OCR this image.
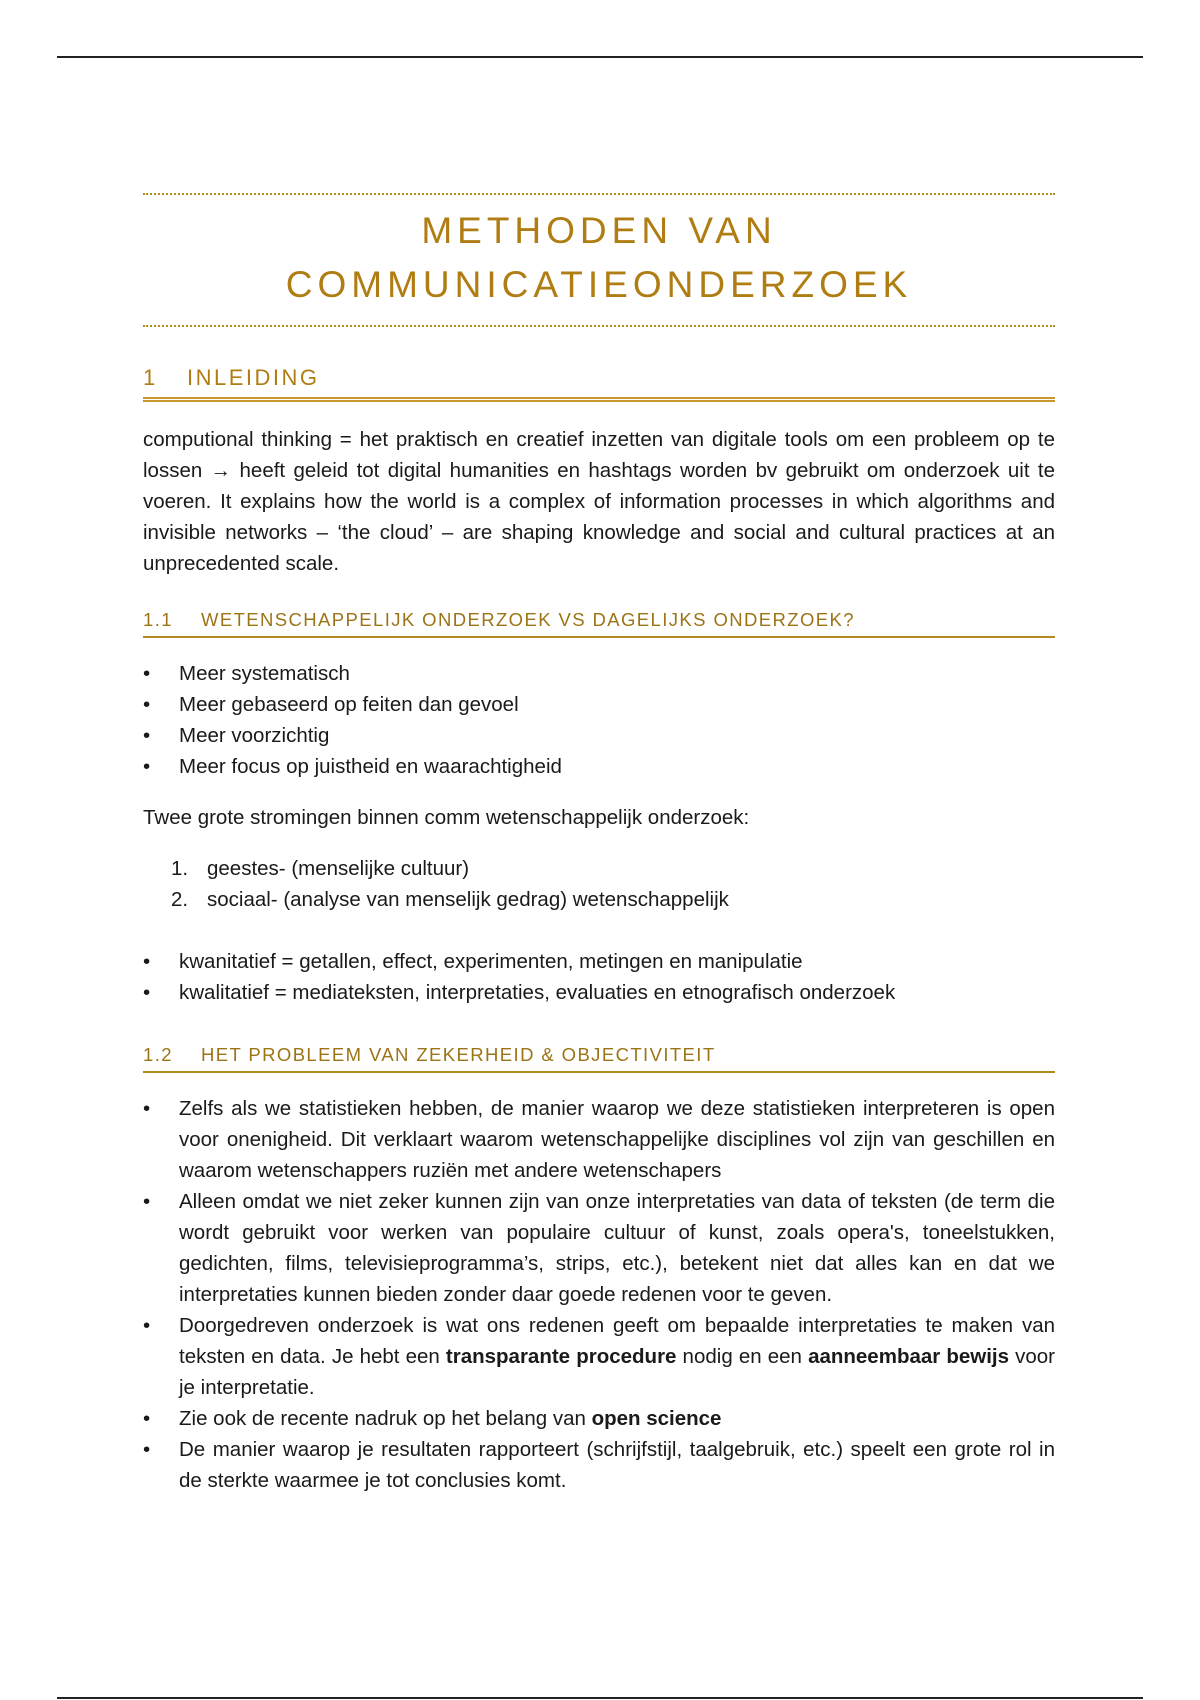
METHODEN VAN
COMMUNICATIEONDERZOEK
1	INLEIDING

computional thinking = het praktisch en creatief inzetten van digitale tools om een probleem op te lossen → heeft geleid tot digital humanities en hashtags worden bv gebruikt om onderzoek uit te voeren. It explains how the world is a complex of information processes in which algorithms and invisible networks – ‘the cloud’ – are shaping knowledge and social and cultural practices at an unprecedented scale.

1.1	WETENSCHAPPELIJK ONDERZOEK VS DAGELIJKS ONDERZOEK?
•	Meer systematisch
•	Meer gebaseerd op feiten dan gevoel
•	Meer voorzichtig
•	Meer focus op juistheid en waarachtigheid

Twee grote stromingen binnen comm wetenschappelijk onderzoek:

1. geestes- (menselijke cultuur)
2. sociaal- (analyse van menselijk gedrag) wetenschappelijk
•	kwanitatief = getallen, effect, experimenten, metingen en manipulatie
•	kwalitatief = mediateksten, interpretaties, evaluaties en etnografisch onderzoek
1.2	HET PROBLEEM VAN ZEKERHEID & OBJECTIVITEIT
•	Zelfs als we statistieken hebben, de manier waarop we deze statistieken interpreteren is open voor onenigheid. Dit verklaart waarom wetenschappelijke disciplines vol zijn van geschillen en waarom wetenschappers ruziën met andere wetenschapers
•	Alleen omdat we niet zeker kunnen zijn van onze interpretaties van data of teksten (de term die wordt gebruikt voor werken van populaire cultuur of kunst, zoals opera's, toneelstukken, gedichten, films, televisieprogramma’s, strips, etc.), betekent niet dat alles kan en dat we interpretaties kunnen bieden zonder daar goede redenen voor te geven.
•	Doorgedreven onderzoek is wat ons redenen geeft om bepaalde interpretaties te maken van teksten en data. Je hebt een transparante procedure nodig en een aanneembaar bewijs voor je interpretatie.
•	Zie ook de recente nadruk op het belang van open science
•	De manier waarop je resultaten rapporteert (schrijfstijl, taalgebruik, etc.) speelt een grote rol in de sterkte waarmee je tot conclusies komt.
